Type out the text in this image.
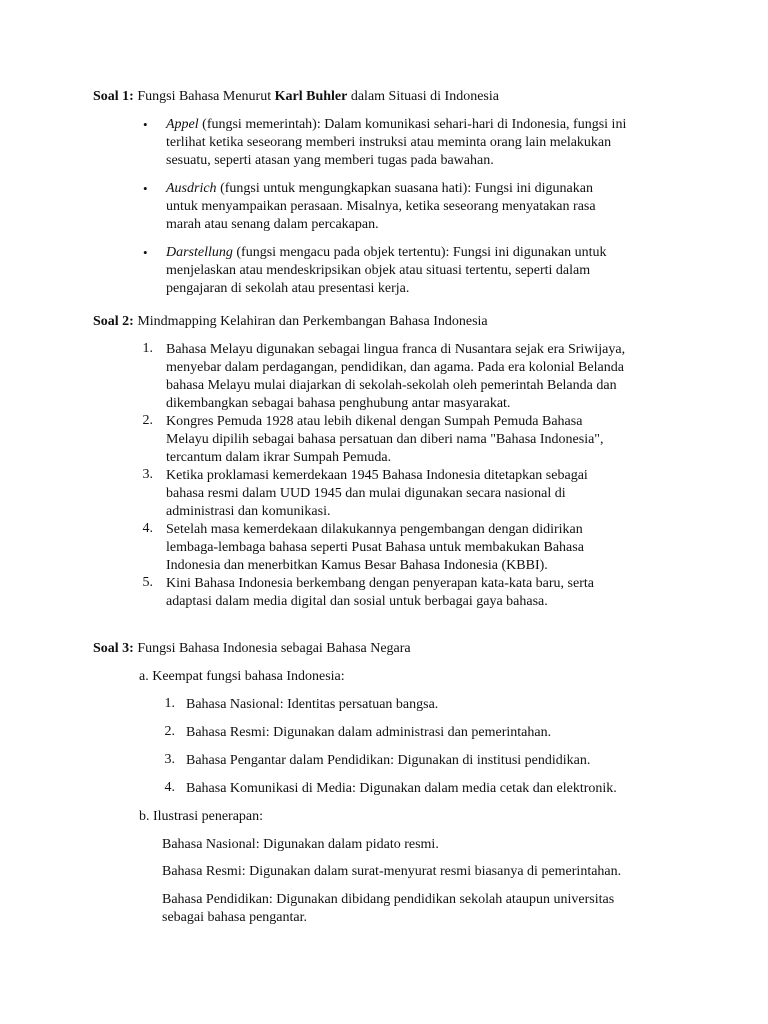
Soal 1: Fungsi Bahasa Menurut Karl Buhler dalam Situasi di Indonesia
• Appel (fungsi memerintah): Dalam komunikasi sehari-hari di Indonesia, fungsi ini
terlihat ketika seseorang memberi instruksi atau meminta orang lain melakukan
sesuatu, seperti atasan yang memberi tugas pada bawahan.
• Ausdrich (fungsi untuk mengungkapkan suasana hati): Fungsi ini digunakan
untuk menyampaikan perasaan. Misalnya, ketika seseorang menyatakan rasa
marah atau senang dalam percakapan.
• Darstellung (fungsi mengacu pada objek tertentu): Fungsi ini digunakan untuk
menjelaskan atau mendeskripsikan objek atau situasi tertentu, seperti dalam
pengajaran di sekolah atau presentasi kerja.
Soal 2: Mindmapping Kelahiran dan Perkembangan Bahasa Indonesia
1. Bahasa Melayu digunakan sebagai lingua franca di Nusantara sejak era Sriwijaya,
menyebar dalam perdagangan, pendidikan, dan agama. Pada era kolonial Belanda
bahasa Melayu mulai diajarkan di sekolah-sekolah oleh pemerintah Belanda dan
dikembangkan sebagai bahasa penghubung antar masyarakat.
2. Kongres Pemuda 1928 atau lebih dikenal dengan Sumpah Pemuda Bahasa
Melayu dipilih sebagai bahasa persatuan dan diberi nama "Bahasa Indonesia",
tercantum dalam ikrar Sumpah Pemuda.
3. Ketika proklamasi kemerdekaan 1945 Bahasa Indonesia ditetapkan sebagai
bahasa resmi dalam UUD 1945 dan mulai digunakan secara nasional di
administrasi dan komunikasi.
4. Setelah masa kemerdekaan dilakukannya pengembangan dengan didirikan
lembaga-lembaga bahasa seperti Pusat Bahasa untuk membakukan Bahasa
Indonesia dan menerbitkan Kamus Besar Bahasa Indonesia (KBBI).
5. Kini Bahasa Indonesia berkembang dengan penyerapan kata-kata baru, serta
adaptasi dalam media digital dan sosial untuk berbagai gaya bahasa.
Soal 3: Fungsi Bahasa Indonesia sebagai Bahasa Negara
a. Keempat fungsi bahasa Indonesia:
1. Bahasa Nasional: Identitas persatuan bangsa.
2. Bahasa Resmi: Digunakan dalam administrasi dan pemerintahan.
3. Bahasa Pengantar dalam Pendidikan: Digunakan di institusi pendidikan.
4. Bahasa Komunikasi di Media: Digunakan dalam media cetak dan elektronik.
b. Ilustrasi penerapan:
Bahasa Nasional: Digunakan dalam pidato resmi.
Bahasa Resmi: Digunakan dalam surat-menyurat resmi biasanya di pemerintahan.
Bahasa Pendidikan: Digunakan dibidang pendidikan sekolah ataupun universitas
sebagai bahasa pengantar.
